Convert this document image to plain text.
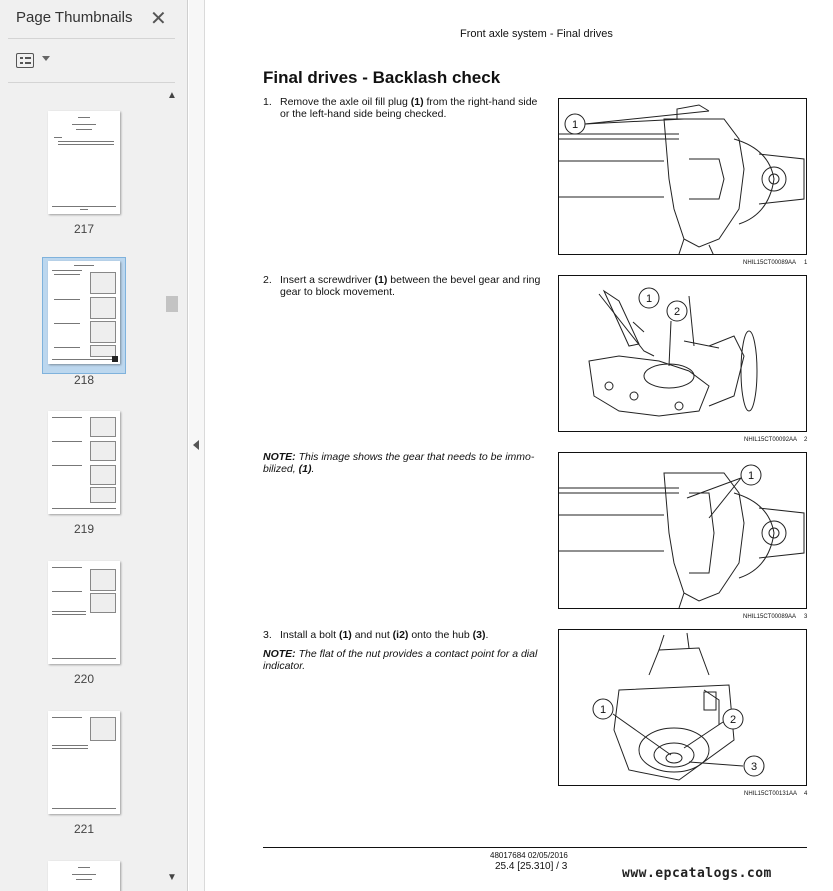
Page Thumbnails ✕
217
218
219
220
221
▲
▼
Front axle system - Final drives
Final drives - Backlash check
1. Remove the axle oil fill plug (1) from the right-hand side or the left-hand side being checked.
1
NHIL15CT00089AA 1
2. Insert a screwdriver (1) between the bevel gear and ring gear to block movement.
1
2
NHIL15CT00092AA 2
NOTE: This image shows the gear that needs to be immo-bilized, (1).
1
NHIL15CT00089AA 3
3. Install a bolt (1) and nut (i2) onto the hub (3).
NOTE: The flat of the nut provides a contact point for a dial indicator.
1
2
3
NHIL15CT00131AA 4
48017684 02/05/2016
25.4 [25.310] / 3	www.epcatalogs.com
